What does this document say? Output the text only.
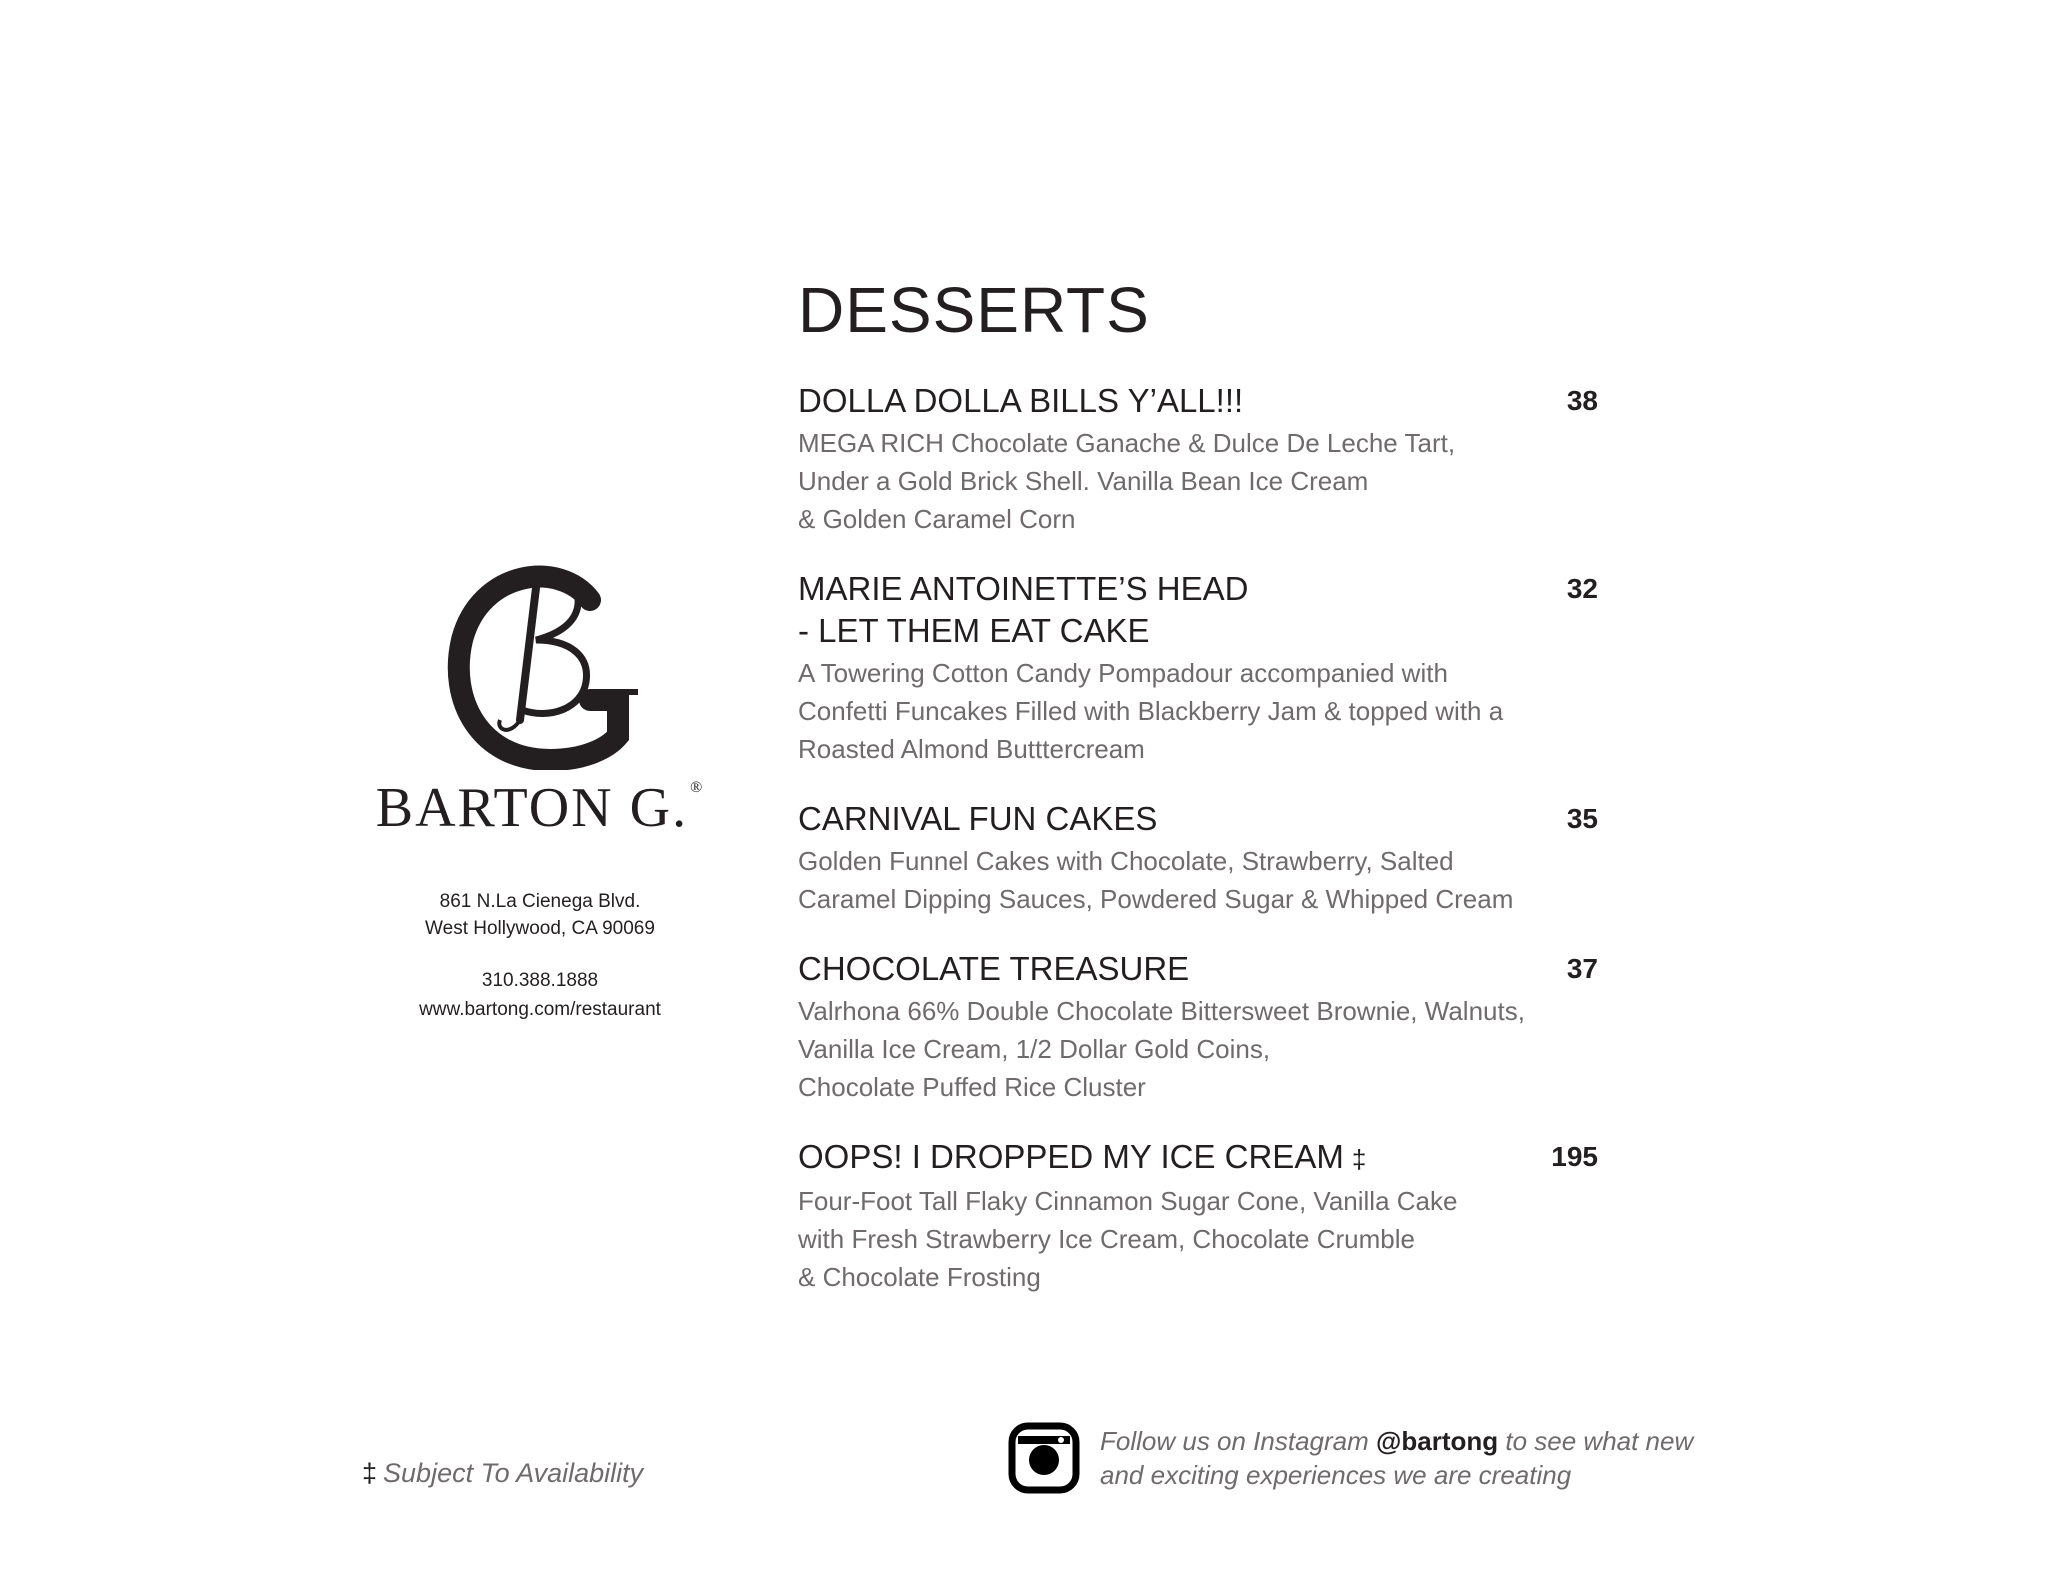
BARTON G. ®
861 N.La Cienega Blvd.
West Hollywood, CA 90069
310.388.1888
www.bartong.com/restaurant
DESSERTS
DOLLA DOLLA BILLS Y’ALL!!!	38
MEGA RICH Chocolate Ganache & Dulce De Leche Tart,
Under a Gold Brick Shell. Vanilla Bean Ice Cream
& Golden Caramel Corn
MARIE ANTOINETTE’S HEAD
- LET THEM EAT CAKE
32
A Towering Cotton Candy Pompadour accompanied with
Confetti Funcakes Filled with Blackberry Jam & topped with a
Roasted Almond Butttercream
CARNIVAL FUN CAKES	35
Golden Funnel Cakes with Chocolate, Strawberry, Salted
Caramel Dipping Sauces, Powdered Sugar & Whipped Cream
CHOCOLATE TREASURE	37
Valrhona 66% Double Chocolate Bittersweet Brownie, Walnuts,
Vanilla Ice Cream, 1/2 Dollar Gold Coins,
Chocolate Puffed Rice Cluster
OOPS! I DROPPED MY ICE CREAM ‡	195
Four-Foot Tall Flaky Cinnamon Sugar Cone, Vanilla Cake
with Fresh Strawberry Ice Cream, Chocolate Crumble
& Chocolate Frosting
‡ Subject To Availability
Follow us on Instagram @bartong to see what new
and exciting experiences we are creating
